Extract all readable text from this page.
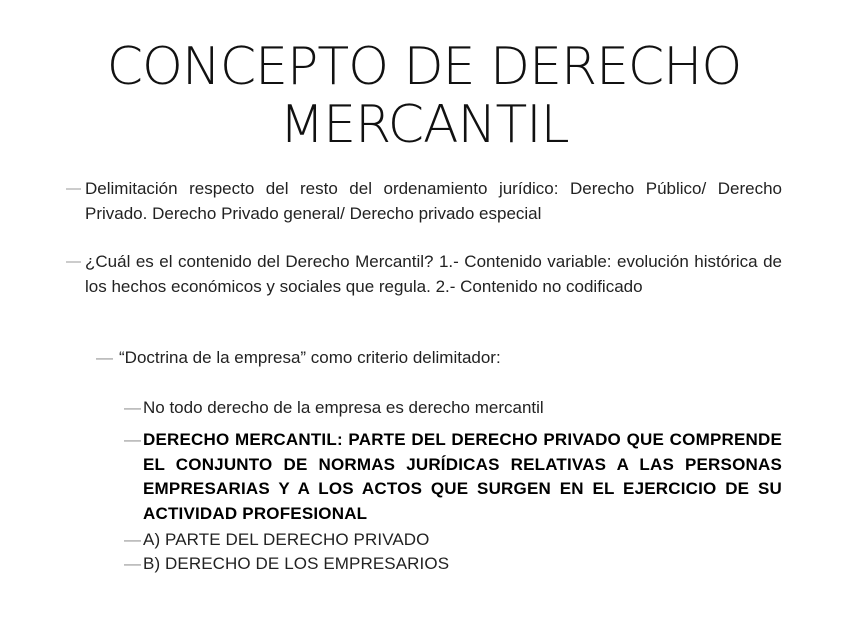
CONCEPTO DE DERECHO
MERCANTIL
— Delimitación respecto del resto del ordenamiento jurídico: Derecho Público/ Derecho Privado. Derecho Privado general/ Derecho privado especial
— ¿Cuál es el contenido del Derecho Mercantil? 1.- Contenido variable: evolución histórica de los hechos económicos y sociales que regula. 2.- Contenido no codificado
— “Doctrina de la empresa” como criterio delimitador:
— No todo derecho de la empresa es derecho mercantil
— DERECHO MERCANTIL: PARTE DEL DERECHO PRIVADO QUE COMPRENDE EL CONJUNTO DE NORMAS JURÍDICAS RELATIVAS A LAS PERSONAS EMPRESARIAS Y A LOS ACTOS QUE SURGEN EN EL EJERCICIO DE SU ACTIVIDAD PROFESIONAL
— A) PARTE DEL DERECHO PRIVADO
— B) DERECHO DE LOS EMPRESARIOS
